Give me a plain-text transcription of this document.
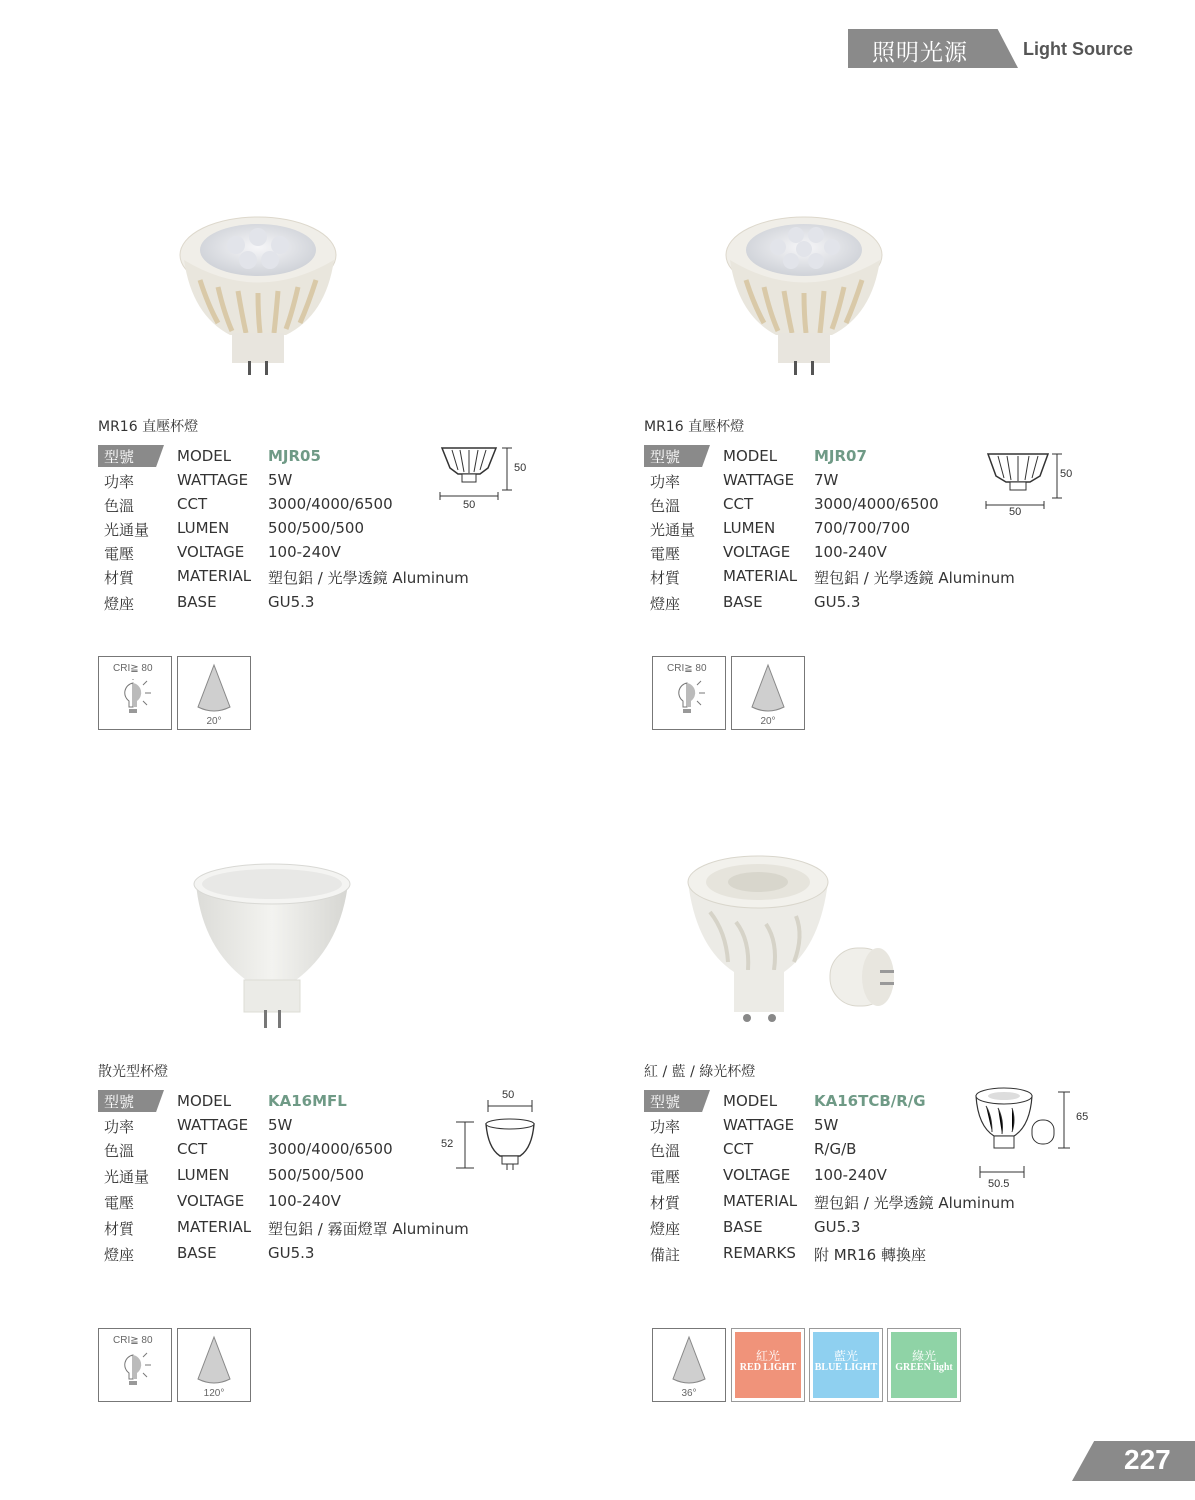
照明光源	Light Source
MR16 直壓杯燈
型號	MODEL MJR05
功率	WATTAGE 5W
色溫	CCT	3000/4000/6500
光通量 LUMEN	500/500/500
電壓	VOLTAGE 100-240V
材質	MATERIAL 塑包鋁 / 光學透鏡 Aluminum
燈座	BASE	GU5.3
50
50
CRI≧ 80
20°
MR16 直壓杯燈
型號	MODEL MJR07
功率	WATTAGE 7W
色溫	CCT	3000/4000/6500
光通量 LUMEN	700/700/700
電壓	VOLTAGE 100-240V
材質	MATERIAL 塑包鋁 / 光學透鏡 Aluminum
燈座	BASE	GU5.3
50
50
CRI≧ 80
20°
散光型杯燈
型號	MODEL KA16MFL
功率	WATTAGE 5W
色溫	CCT	3000/4000/6500
光通量 LUMEN	500/500/500
電壓	VOLTAGE 100-240V
材質	MATERIAL 塑包鋁 / 霧面燈罩 Aluminum
燈座	BASE	GU5.3
50
52
CRI≧ 80
120°
紅 / 藍 / 綠光杯燈
型號	MODEL KA16TCB/R/G
功率	WATTAGE 5W
色溫	CCT	R/G/B
電壓	VOLTAGE 100-240V
材質	MATERIAL 塑包鋁 / 光學透鏡 Aluminum
燈座	BASE	GU5.3
備註	REMARKS 附 MR16 轉換座
65
50.5
36°
紅光
RED LIGHT
藍光
BLUE LIGHT
綠光
GREEN light
227
